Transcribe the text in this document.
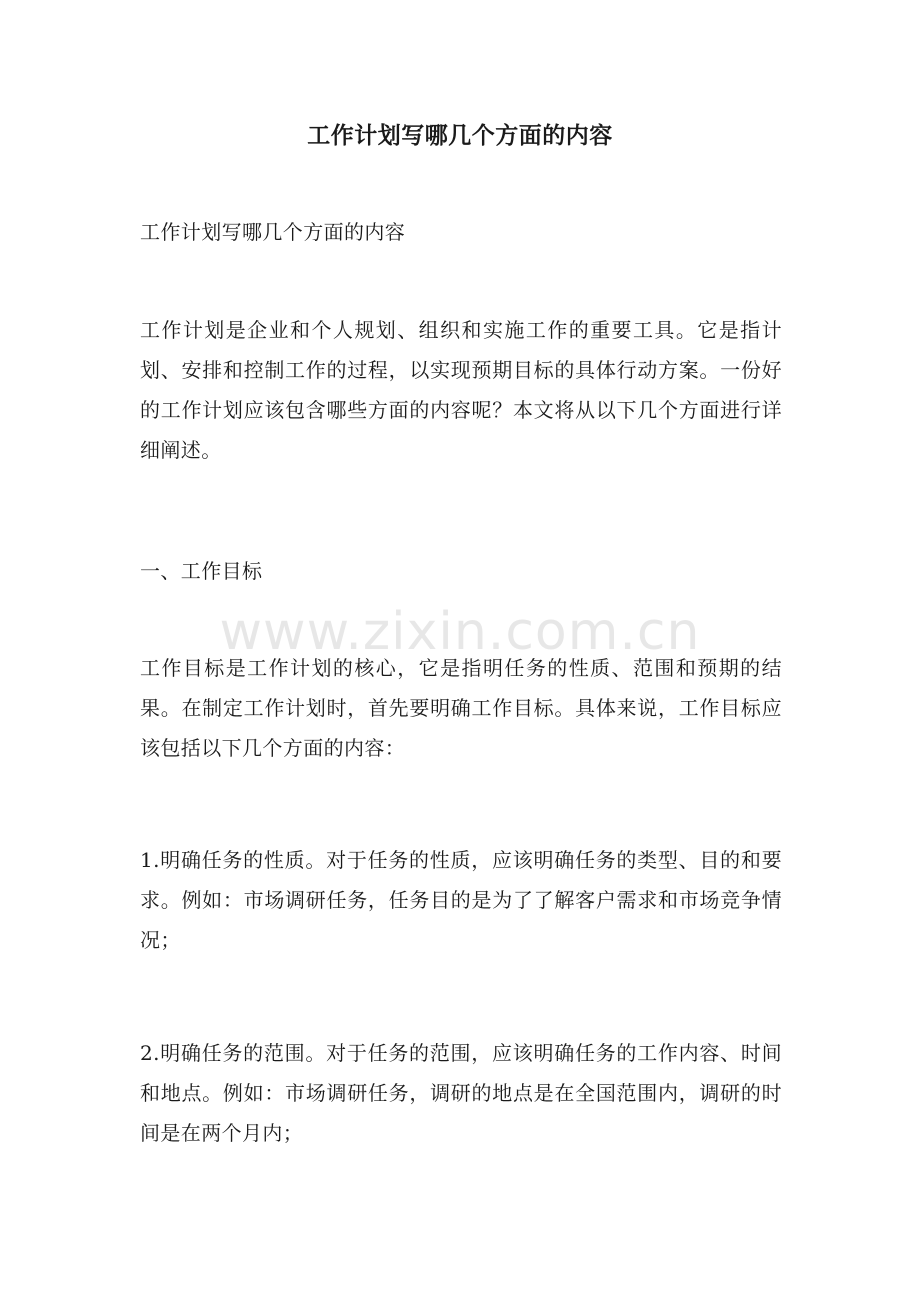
工作计划写哪几个方面的内容

工作计划写哪几个方面的内容

工作计划是企业和个人规划、组织和实施工作的重要工具。它是指计划、安排和控制工作的过程，以实现预期目标的具体行动方案。一份好的工作计划应该包含哪些方面的内容呢？本文将从以下几个方面进行详细阐述。

一、工作目标

工作目标是工作计划的核心，它是指明任务的性质、范围和预期的结果。在制定工作计划时，首先要明确工作目标。具体来说，工作目标应该包括以下几个方面的内容：

1.明确任务的性质。对于任务的性质，应该明确任务的类型、目的和要求。例如：市场调研任务，任务目的是为了了解客户需求和市场竞争情况；

2.明确任务的范围。对于任务的范围，应该明确任务的工作内容、时间和地点。例如：市场调研任务，调研的地点是在全国范围内，调研的时间是在两个月内；

www.zixin.com.cn
